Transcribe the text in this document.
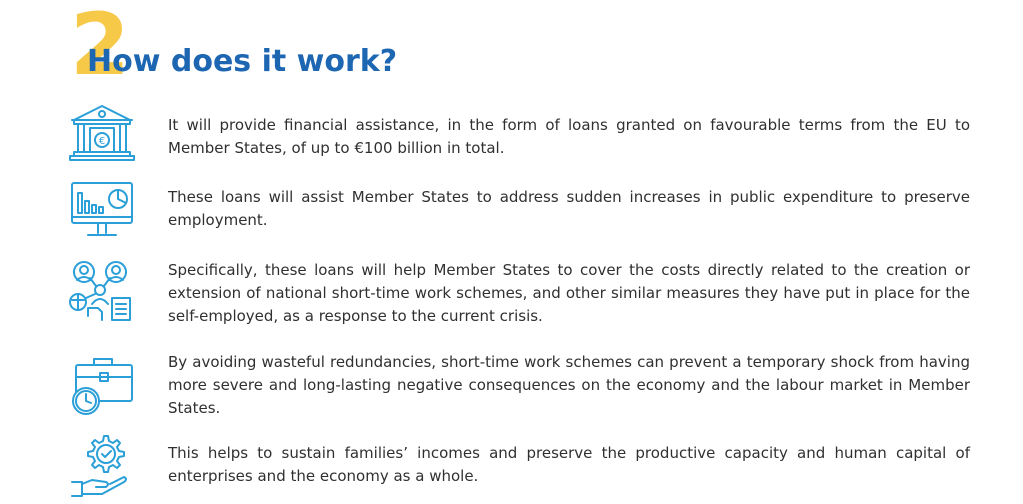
2
How does it work?
€
It will provide financial assistance, in the form of loans granted on favourable terms from the EU to Member States, of up to €100 billion in total.
These loans will assist Member States to address sudden increases in public expenditure to preserve employment.
Specifically, these loans will help Member States to cover the costs directly related to the creation or extension of national short-time work schemes, and other similar measures they have put in place for the self-employed, as a response to the current crisis.
By avoiding wasteful redundancies, short-time work schemes can prevent a temporary shock from having more severe and long-lasting negative consequences on the economy and the labour market in Member States.
This helps to sustain families’ incomes and preserve the productive capacity and human capital of enterprises and the economy as a whole.
